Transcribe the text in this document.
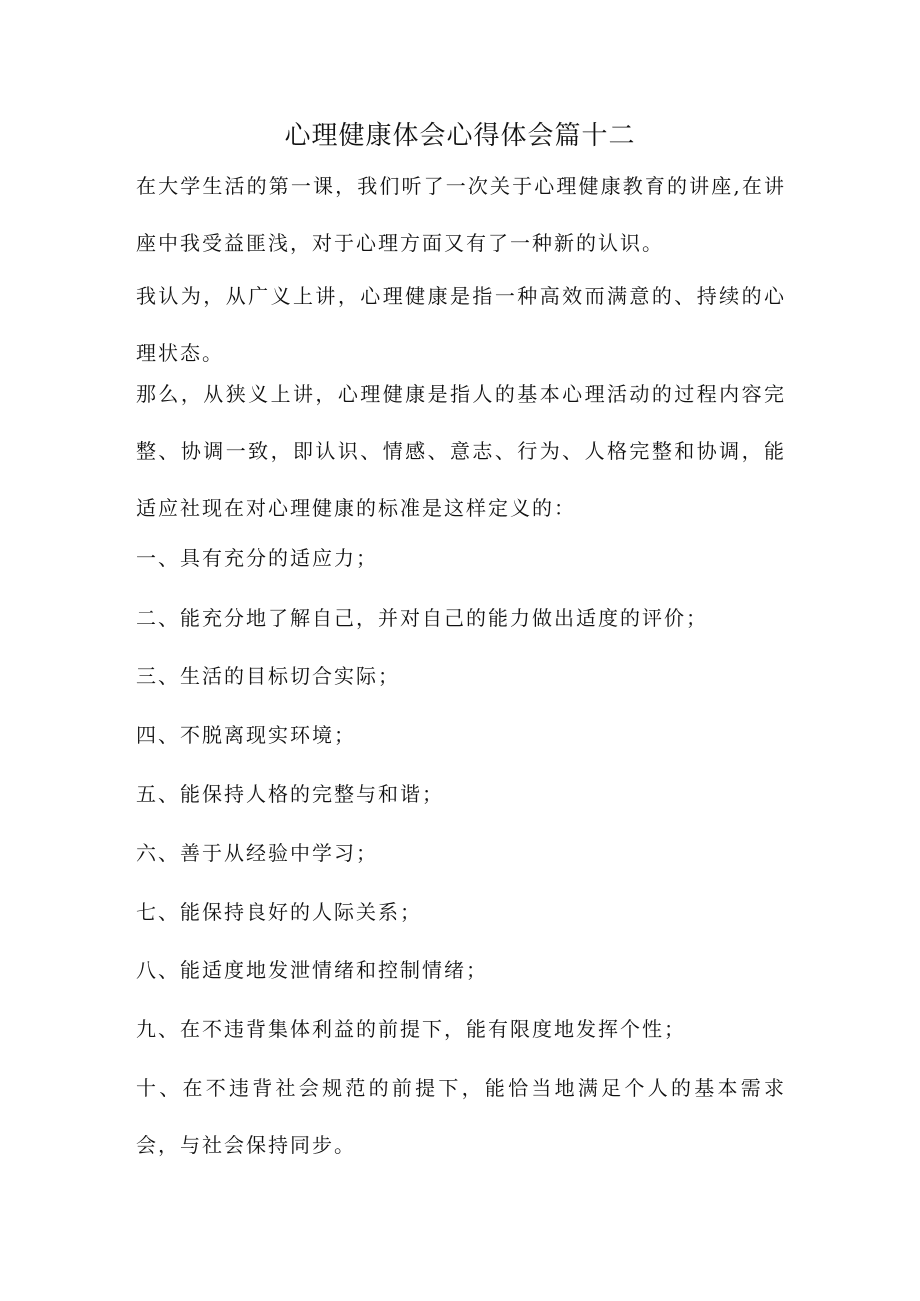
心理健康体会心得体会篇十二

在大学生活的第一课，我们听了一次关于心理健康教育的讲座,在讲座中我受益匪浅，对于心理方面又有了一种新的认识。

我认为，从广义上讲，心理健康是指一种高效而满意的、持续的心理状态。

那么，从狭义上讲，心理健康是指人的基本心理活动的过程内容完整、协调一致，即认识、情感、意志、行为、人格完整和协调，能适应社现在对心理健康的标准是这样定义的：

一、具有充分的适应力；

二、能充分地了解自己，并对自己的能力做出适度的评价；

三、生活的目标切合实际；

四、不脱离现实环境；

五、能保持人格的完整与和谐；

六、善于从经验中学习；

七、能保持良好的人际关系；

八、能适度地发泄情绪和控制情绪；

九、在不违背集体利益的前提下，能有限度地发挥个性；

十、在不违背社会规范的前提下，能恰当地满足个人的基本需求会，与社会保持同步。
